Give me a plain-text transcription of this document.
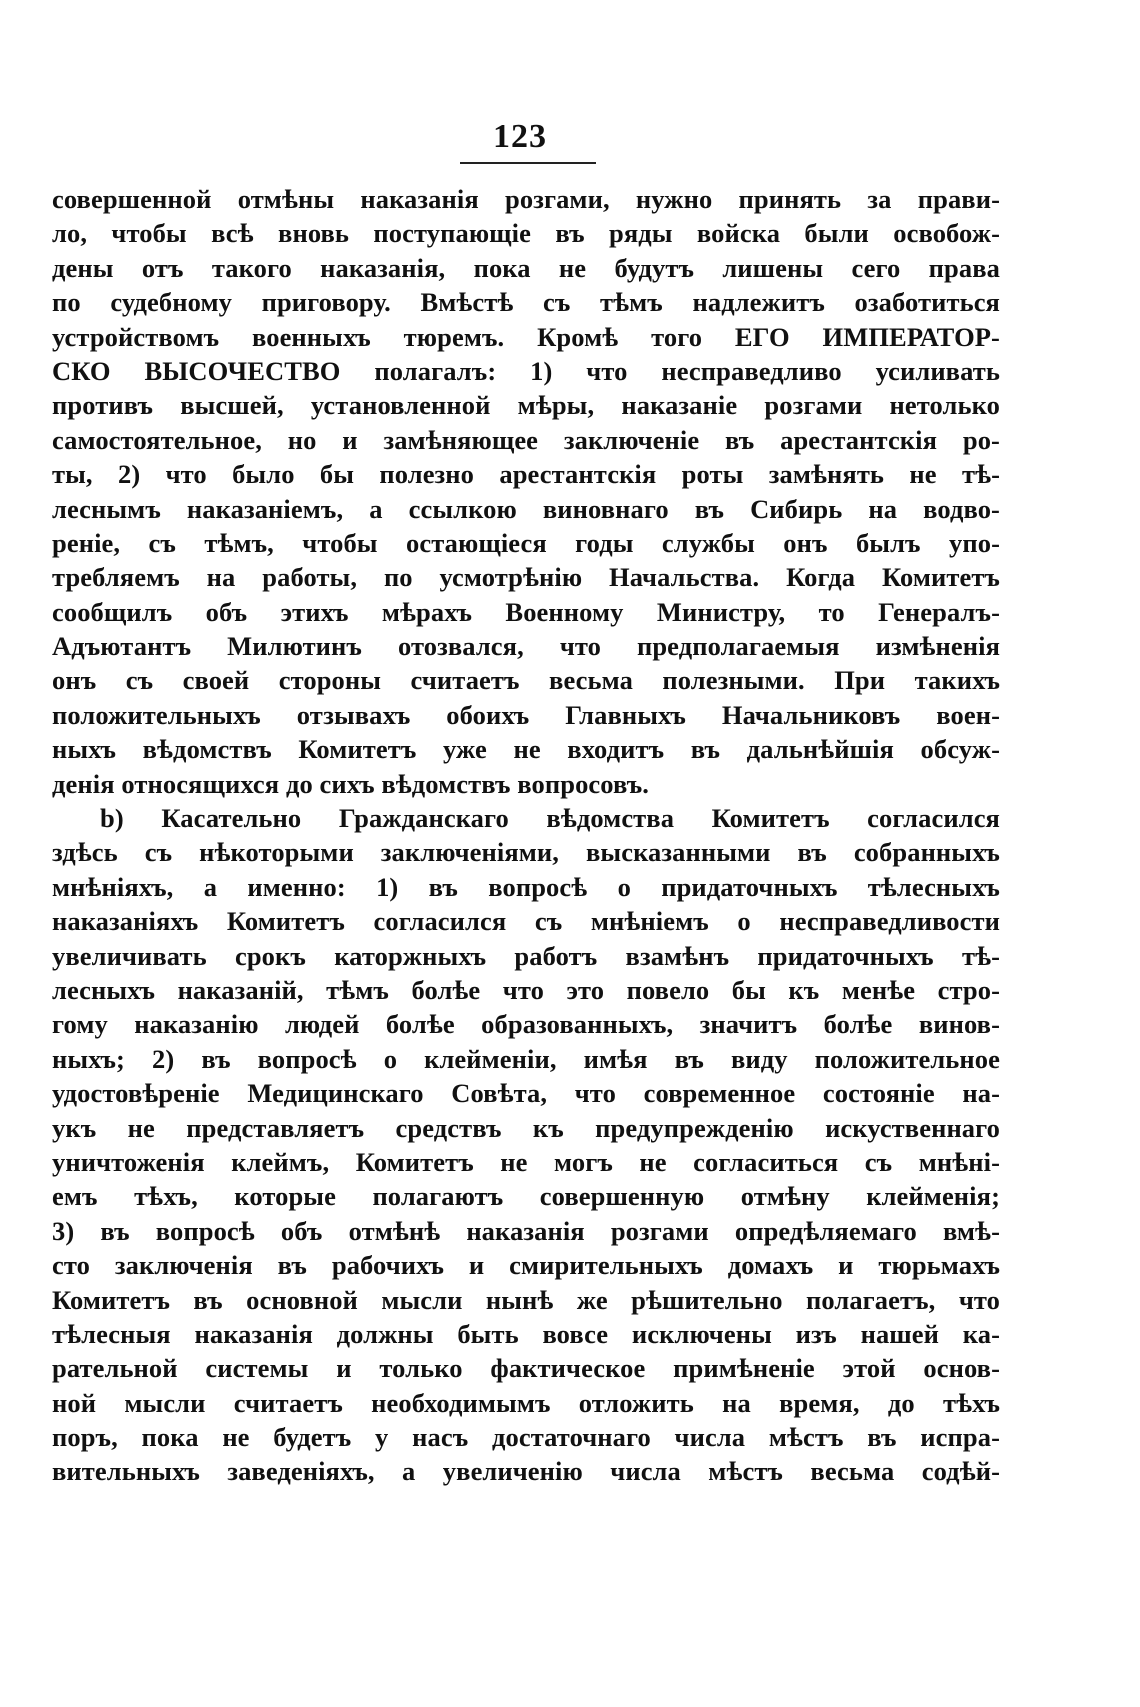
123
совершенной отмѣны наказанія розгами, нужно принять за прави-
ло, чтобы всѣ вновь поступающіе въ ряды войска были освобож-
дены отъ такого наказанія, пока не будутъ лишены сего права
по судебному приговору. Вмѣстѣ съ тѣмъ надлежитъ озаботиться
устройствомъ военныхъ тюремъ. Кромѣ того ЕГО ИМПЕРАТОР-
СКО ВЫСОЧЕСТВО полагалъ: 1) что несправедливо усиливать
противъ высшей, установленной мѣры, наказаніе розгами нетолько
самостоятельное, но и замѣняющее заключеніе въ арестантскія ро-
ты, 2) что было бы полезно арестантскія роты замѣнять не тѣ-
леснымъ наказаніемъ, а ссылкою виновнаго въ Сибирь на водво-
реніе, съ тѣмъ, чтобы остающіеся годы службы онъ былъ упо-
требляемъ на работы, по усмотрѣнію Начальства. Когда Комитетъ
сообщилъ объ этихъ мѣрахъ Военному Министру, то Генералъ-
Адъютантъ Милютинъ отозвался, что предполагаемыя измѣненія
онъ съ своей стороны считаетъ весьма полезными. При такихъ
положительныхъ отзывахъ обоихъ Главныхъ Начальниковъ воен-
ныхъ вѣдомствъ Комитетъ уже не входитъ въ дальнѣйшія обсуж-
денія относящихся до сихъ вѣдомствъ вопросовъ.
b) Касательно Гражданскаго вѣдомства Комитетъ согласился
здѣсь съ нѣкоторыми заключеніями, высказанными въ собранныхъ
мнѣніяхъ, а именно: 1) въ вопросѣ о придаточныхъ тѣлесныхъ
наказаніяхъ Комитетъ согласился съ мнѣніемъ о несправедливости
увеличивать срокъ каторжныхъ работъ взамѣнъ придаточныхъ тѣ-
лесныхъ наказаній, тѣмъ болѣе что это повело бы къ менѣе стро-
гому наказанію людей болѣе образованныхъ, значитъ болѣе винов-
ныхъ; 2) въ вопросѣ о клейменіи, имѣя въ виду положительное
удостовѣреніе Медицинскаго Совѣта, что современное состояніе на-
укъ не представляетъ средствъ къ предупрежденію искуственнаго
уничтоженія клеймъ, Комитетъ не могъ не согласиться съ мнѣні-
емъ тѣхъ, которые полагаютъ совершенную отмѣну клейменія;
3) въ вопросѣ объ отмѣнѣ наказанія розгами опредѣляемаго вмѣ-
сто заключенія въ рабочихъ и смирительныхъ домахъ и тюрьмахъ
Комитетъ въ основной мысли нынѣ же рѣшительно полагаетъ, что
тѣлесныя наказанія должны быть вовсе исключены изъ нашей ка-
рательной системы и только фактическое примѣненіе этой основ-
ной мысли считаетъ необходимымъ отложить на время, до тѣхъ
поръ, пока не будетъ у насъ достаточнаго числа мѣстъ въ испра-
вительныхъ заведеніяхъ, а увеличенію числа мѣстъ весьма содѣй-
